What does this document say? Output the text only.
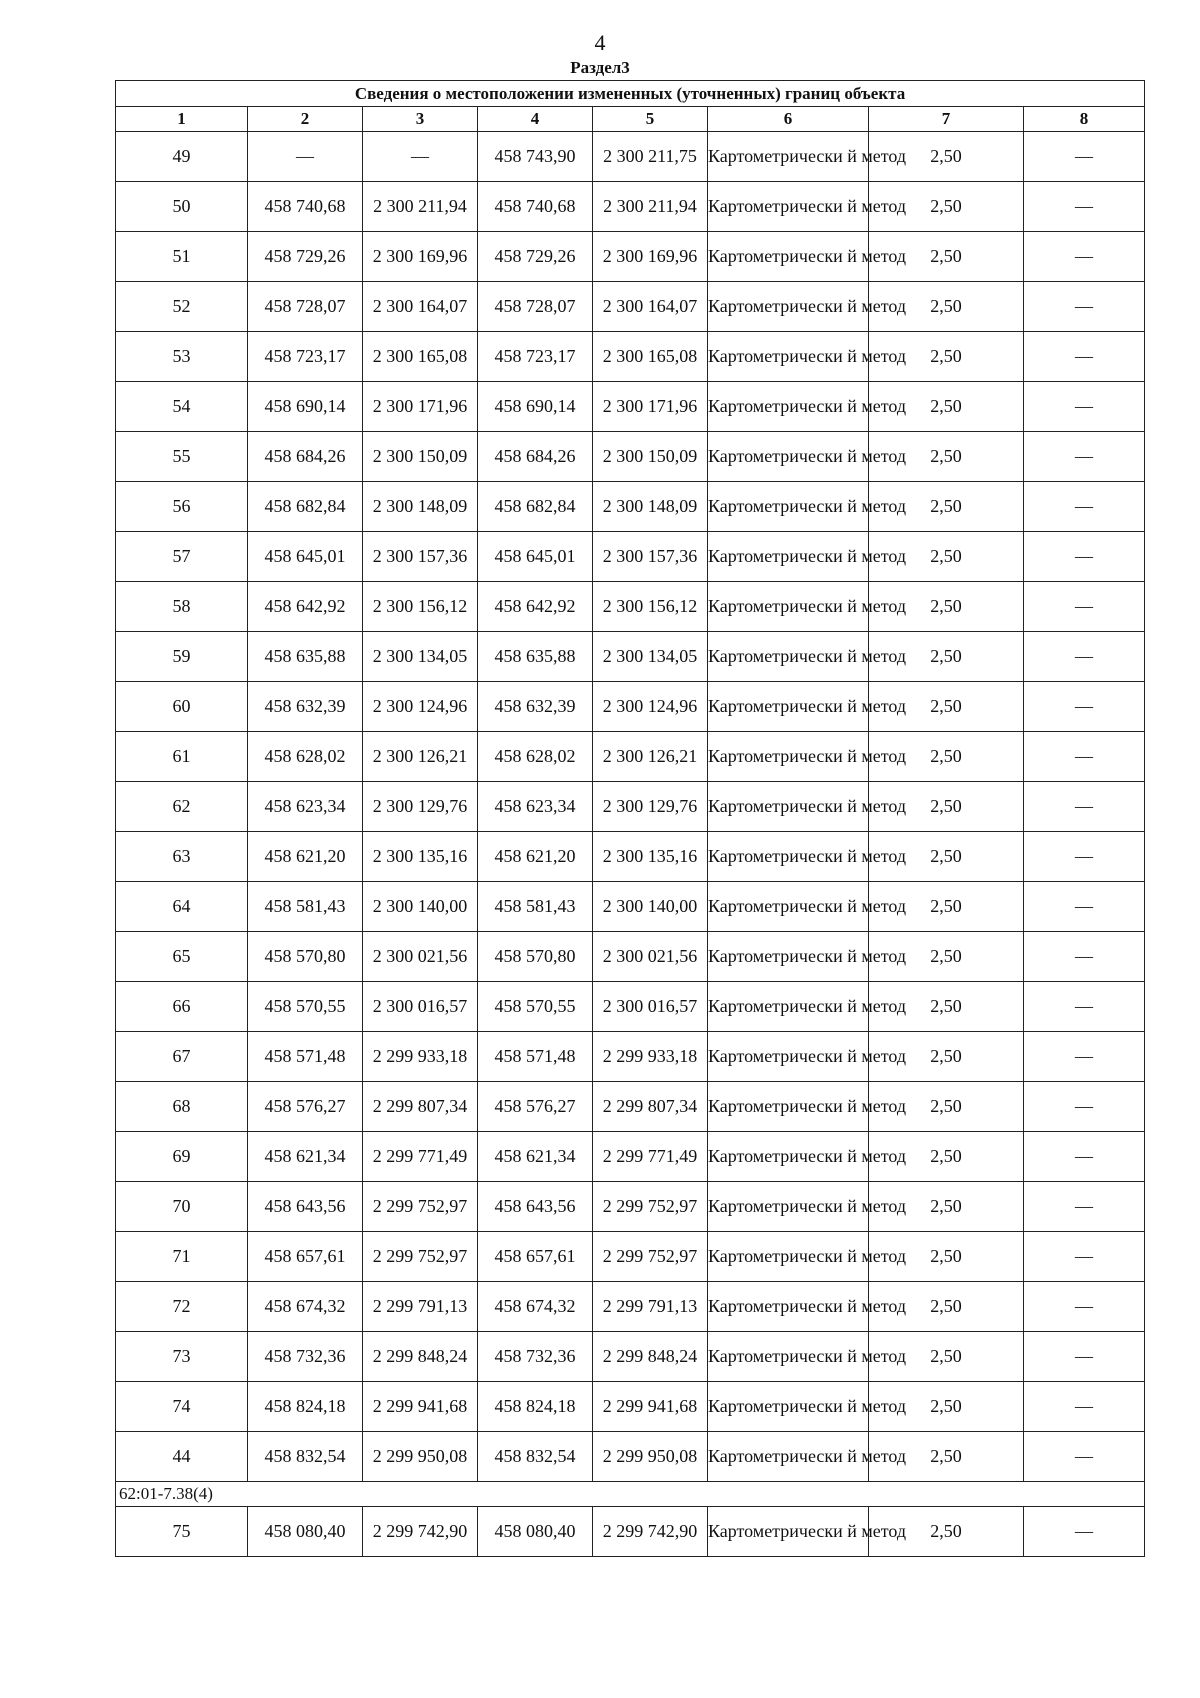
4
Раздел3
Сведения о местоположении измененных (уточненных) границ объекта							
1	2	3	4	5	6	7	8
49	—	—	458 743,90	2 300 211,75	Картометрически й метод	2,50	—
50	458 740,68	2 300 211,94	458 740,68	2 300 211,94	Картометрически й метод	2,50	—
51	458 729,26	2 300 169,96	458 729,26	2 300 169,96	Картометрически й метод	2,50	—
52	458 728,07	2 300 164,07	458 728,07	2 300 164,07	Картометрически й метод	2,50	—
53	458 723,17	2 300 165,08	458 723,17	2 300 165,08	Картометрически й метод	2,50	—
54	458 690,14	2 300 171,96	458 690,14	2 300 171,96	Картометрически й метод	2,50	—
55	458 684,26	2 300 150,09	458 684,26	2 300 150,09	Картометрически й метод	2,50	—
56	458 682,84	2 300 148,09	458 682,84	2 300 148,09	Картометрически й метод	2,50	—
57	458 645,01	2 300 157,36	458 645,01	2 300 157,36	Картометрически й метод	2,50	—
58	458 642,92	2 300 156,12	458 642,92	2 300 156,12	Картометрически й метод	2,50	—
59	458 635,88	2 300 134,05	458 635,88	2 300 134,05	Картометрически й метод	2,50	—
60	458 632,39	2 300 124,96	458 632,39	2 300 124,96	Картометрически й метод	2,50	—
61	458 628,02	2 300 126,21	458 628,02	2 300 126,21	Картометрически й метод	2,50	—
62	458 623,34	2 300 129,76	458 623,34	2 300 129,76	Картометрически й метод	2,50	—
63	458 621,20	2 300 135,16	458 621,20	2 300 135,16	Картометрически й метод	2,50	—
64	458 581,43	2 300 140,00	458 581,43	2 300 140,00	Картометрически й метод	2,50	—
65	458 570,80	2 300 021,56	458 570,80	2 300 021,56	Картометрически й метод	2,50	—
66	458 570,55	2 300 016,57	458 570,55	2 300 016,57	Картометрически й метод	2,50	—
67	458 571,48	2 299 933,18	458 571,48	2 299 933,18	Картометрически й метод	2,50	—
68	458 576,27	2 299 807,34	458 576,27	2 299 807,34	Картометрически й метод	2,50	—
69	458 621,34	2 299 771,49	458 621,34	2 299 771,49	Картометрически й метод	2,50	—
70	458 643,56	2 299 752,97	458 643,56	2 299 752,97	Картометрически й метод	2,50	—
71	458 657,61	2 299 752,97	458 657,61	2 299 752,97	Картометрически й метод	2,50	—
72	458 674,32	2 299 791,13	458 674,32	2 299 791,13	Картометрически й метод	2,50	—
73	458 732,36	2 299 848,24	458 732,36	2 299 848,24	Картометрически й метод	2,50	—
74	458 824,18	2 299 941,68	458 824,18	2 299 941,68	Картометрически й метод	2,50	—
44	458 832,54	2 299 950,08	458 832,54	2 299 950,08	Картометрически й метод	2,50	—
62:01-7.38(4)							
75	458 080,40	2 299 742,90	458 080,40	2 299 742,90	Картометрически й метод	2,50	—
